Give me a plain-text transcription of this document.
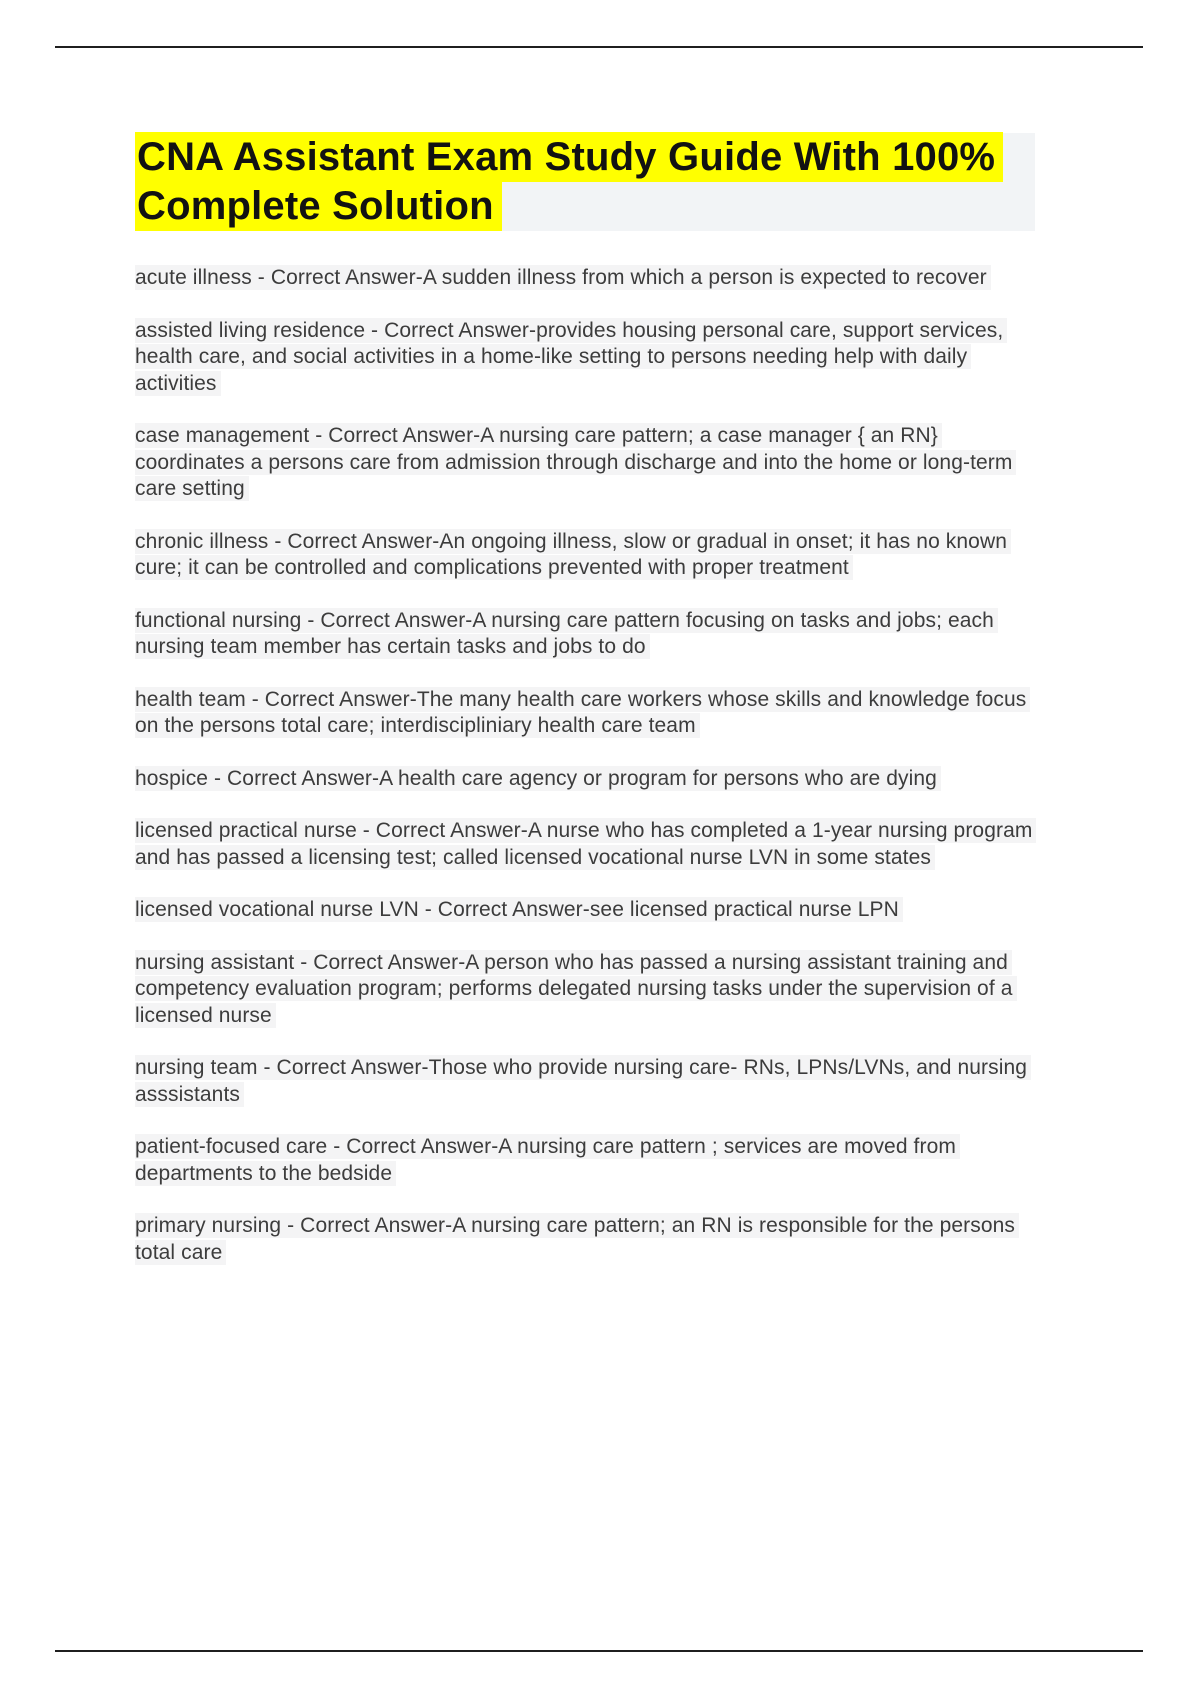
CNA Assistant Exam Study Guide With 100% Complete Solution

acute illness - Correct Answer-A sudden illness from which a person is expected to recover

assisted living residence - Correct Answer-provides housing personal care, support services, health care, and social activities in a home-like setting to persons needing help with daily activities

case management - Correct Answer-A nursing care pattern; a case manager { an RN} coordinates a persons care from admission through discharge and into the home or long-term care setting

chronic illness - Correct Answer-An ongoing illness, slow or gradual in onset; it has no known cure; it can be controlled and complications prevented with proper treatment

functional nursing - Correct Answer-A nursing care pattern focusing on tasks and jobs; each nursing team member has certain tasks and jobs to do

health team - Correct Answer-The many health care workers whose skills and knowledge focus on the persons total care; interdiscipliniary health care team

hospice - Correct Answer-A health care agency or program for persons who are dying

licensed practical nurse - Correct Answer-A nurse who has completed a 1-year nursing program and has passed a licensing test; called licensed vocational nurse LVN in some states

licensed vocational nurse LVN - Correct Answer-see licensed practical nurse LPN

nursing assistant - Correct Answer-A person who has passed a nursing assistant training and competency evaluation program; performs delegated nursing tasks under the supervision of a licensed nurse

nursing team - Correct Answer-Those who provide nursing care- RNs, LPNs/LVNs, and nursing asssistants

patient-focused care - Correct Answer-A nursing care pattern ; services are moved from departments to the bedside

primary nursing - Correct Answer-A nursing care pattern; an RN is responsible for the persons total care
